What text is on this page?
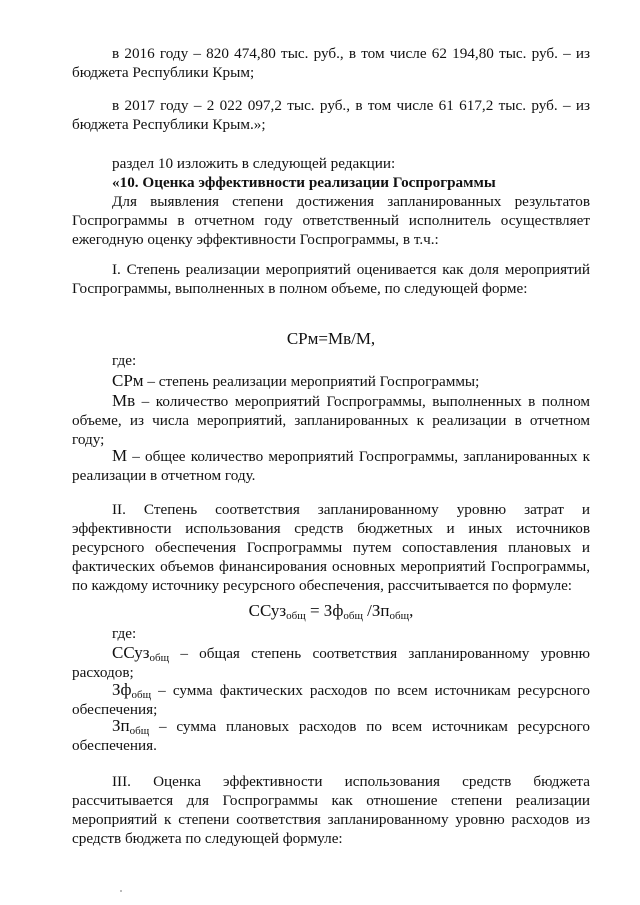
в 2016 году – 820 474,80 тыс. руб., в том числе 62 194,80 тыс. руб. – из бюджета Республики Крым;

в 2017 году – 2 022 097,2 тыс. руб., в том числе 61 617,2 тыс. руб. – из бюджета Республики Крым.»;

раздел 10 изложить в следующей редакции:

«10. Оценка эффективности реализации Госпрограммы

Для выявления степени достижения запланированных результатов Госпрограммы в отчетном году ответственный исполнитель осуществляет ежегодную оценку эффективности Госпрограммы, в т.ч.:

I. Степень реализации мероприятий оценивается как доля мероприятий Госпрограммы, выполненных в полном объеме, по следующей форме:

СРм=Мв/М,
где:

СРм – степень реализации мероприятий Госпрограммы;

Мв – количество мероприятий Госпрограммы, выполненных в полном объеме, из числа мероприятий, запланированных к реализации в отчетном году;

М – общее количество мероприятий Госпрограммы, запланированных к реализации в отчетном году.

II. Степень соответствия запланированному уровню затрат и эффективности использования средств бюджетных и иных источников ресурсного обеспечения Госпрограммы путем сопоставления плановых и фактических объемов финансирования основных мероприятий Госпрограммы, по каждому источнику ресурсного обеспечения, рассчитывается по формуле:

ССуз$_{общ}$ = $Зф_{общ}$ $/Зп_{общ}$,
где:

ССуз$_{общ}$ – общая степень соответствия запланированному уровню расходов;

$Зф_{общ}$ – сумма фактических расходов по всем источникам ресурсного обеспечения;

$Зп_{общ}$ – сумма плановых расходов по всем источникам ресурсного обеспечения.

III. Оценка эффективности использования средств бюджета рассчитывается для Госпрограммы как отношение степени реализации мероприятий к степени соответствия запланированному уровню расходов из средств бюджета по следующей формуле:
